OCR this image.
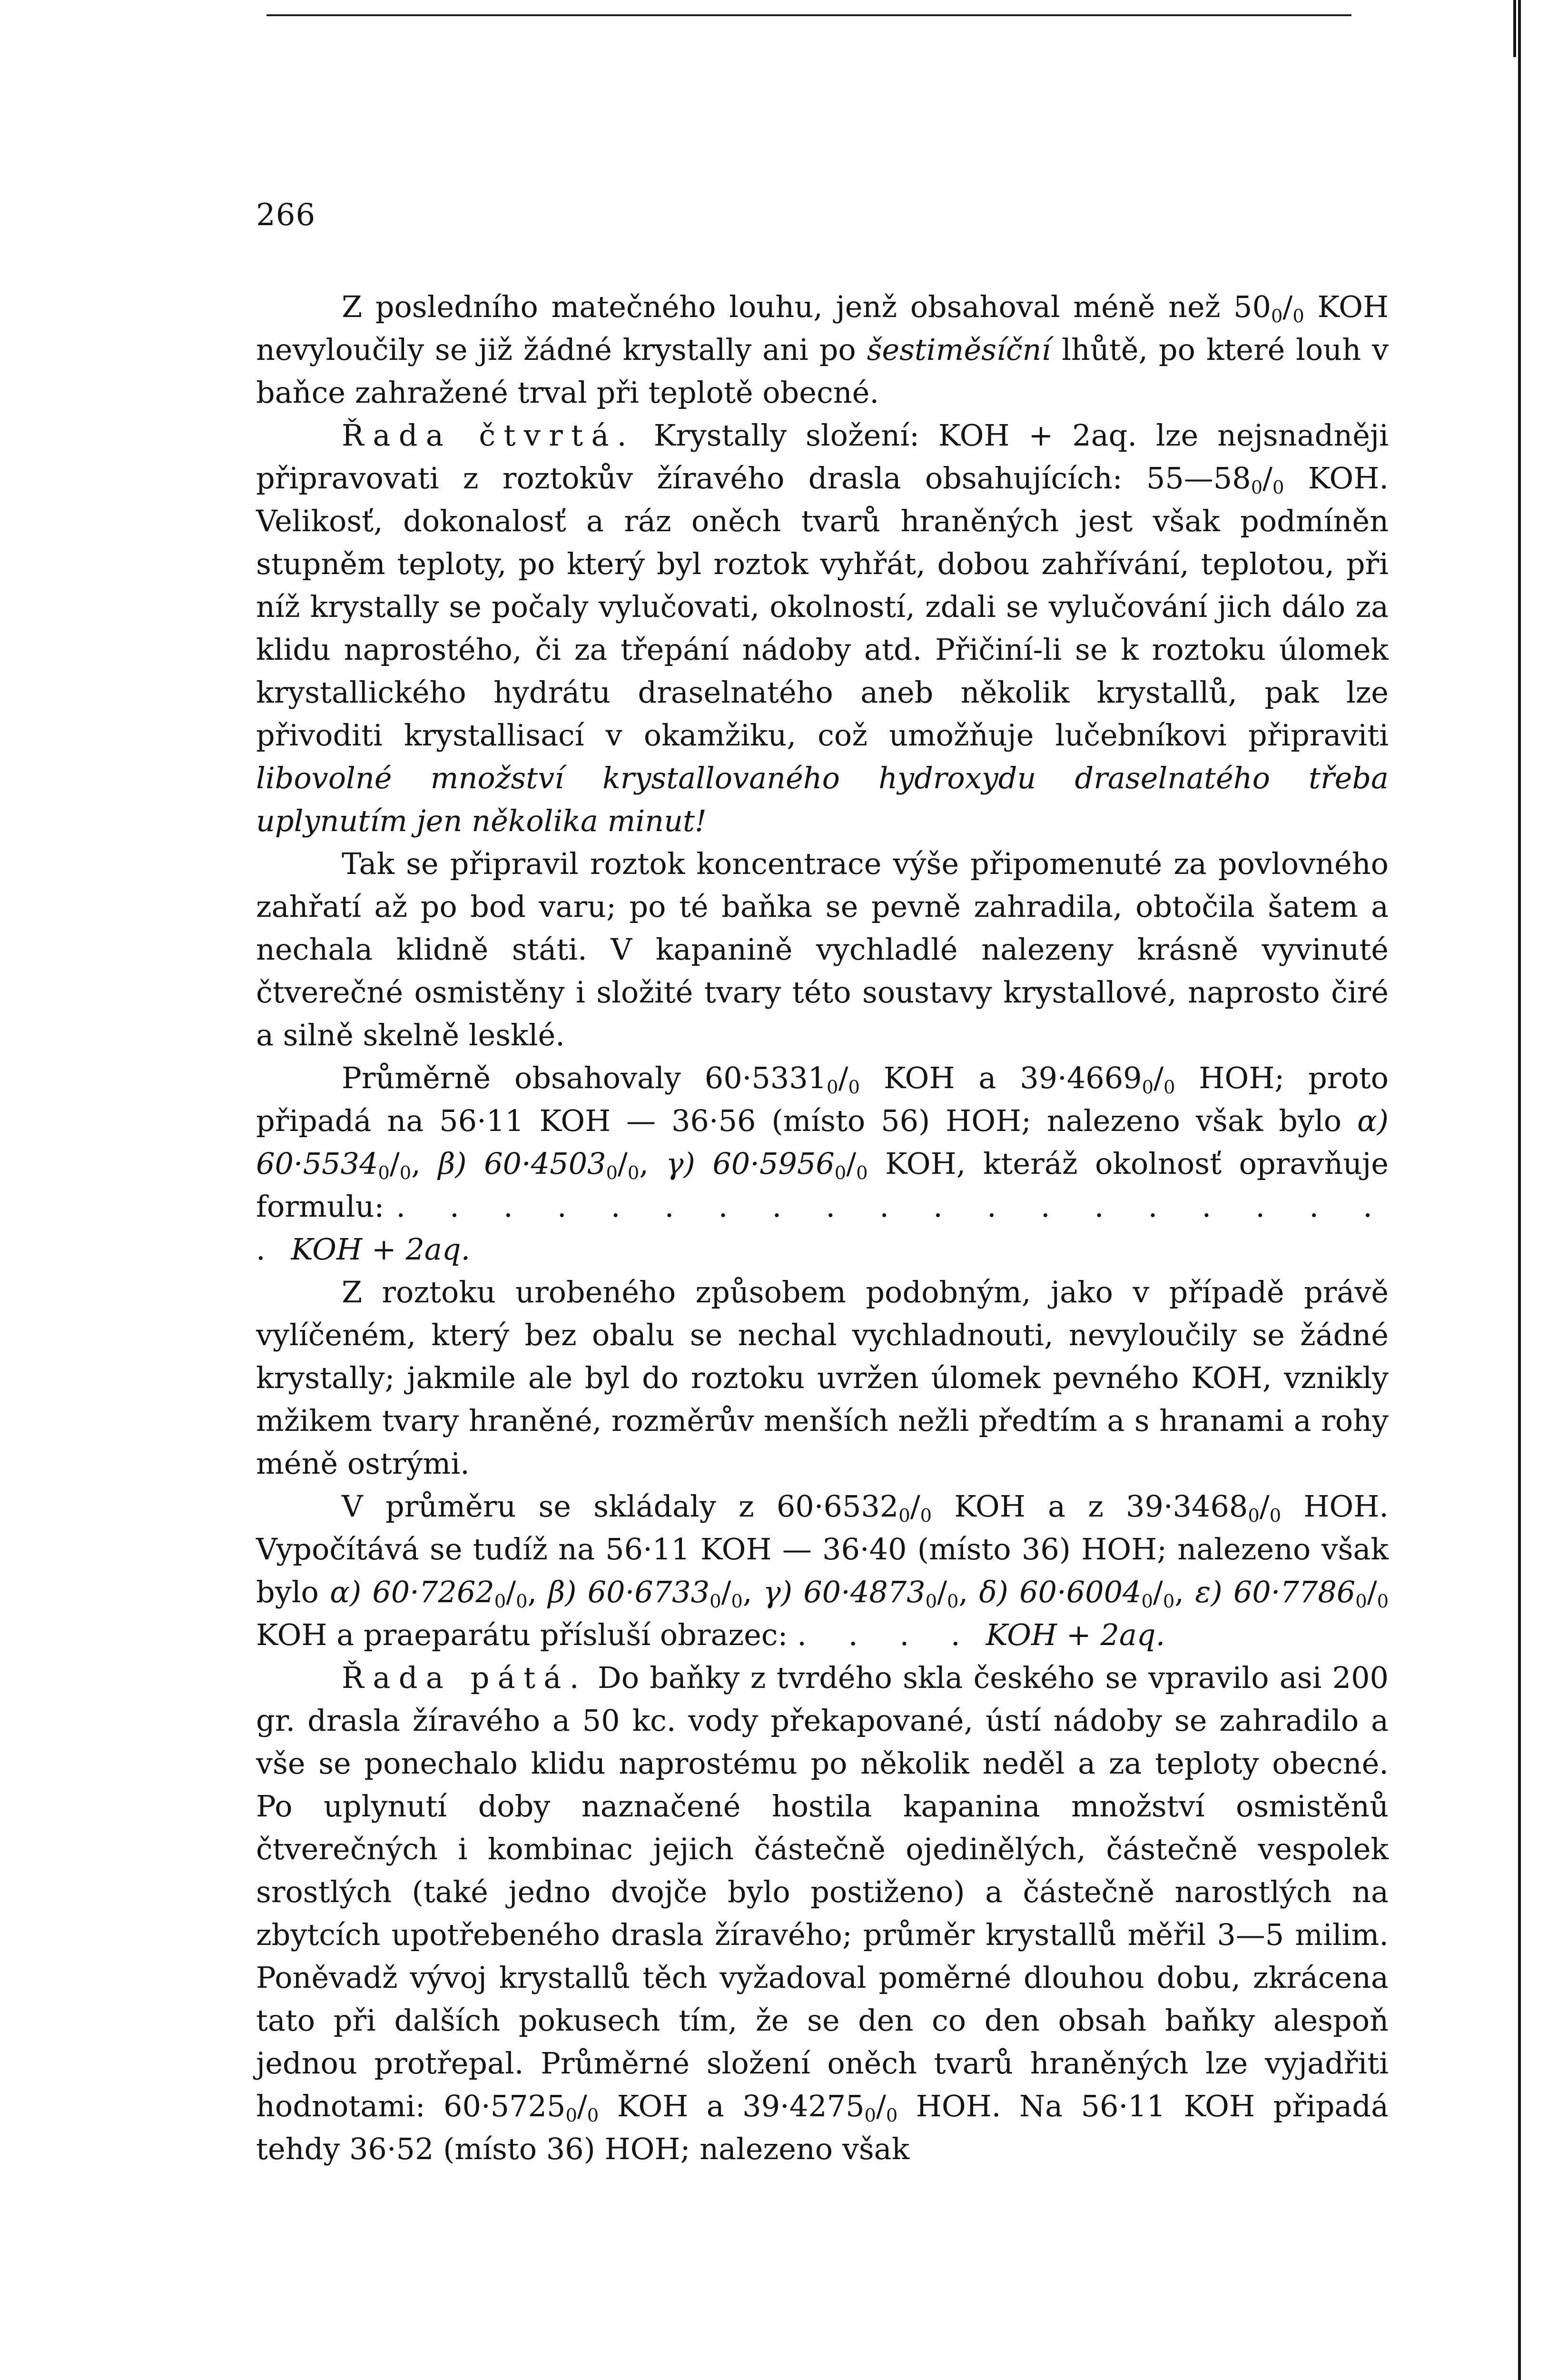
266

Z posledního matečného louhu, jenž obsahoval méně než $50_0/_0$ KOH nevyloučily se již žádné krystally ani po šestiměsíční lhůtě, po které louh v baňce zahražené trval při teplotě obecné.

Řada čtvrtá. Krystally složení: KOH + 2aq. lze nejsnadněji připravovati z roztokův žíravého drasla obsahujících: $55—58_0/_0$ KOH. Velikosť, dokonalosť a ráz oněch tvarů hraněných jest však podmíněn stupněm teploty, po který byl roztok vyhřát, dobou zahřívání, teplotou, při níž krystally se počaly vylučovati, okolností, zdali se vylučování jich dálo za klidu naprostého, či za třepání nádoby atd. Přičiní-li se k roztoku úlomek krystallického hydrátu draselnatého aneb několik krystallů, pak lze přivoditi krystallisací v okamžiku, což umožňuje lučebníkovi připraviti libovolné množství krystallovaného hydroxydu draselnatého třeba uplynutím jen několika minut!

Tak se připravil roztok koncentrace výše připomenuté za povlovného zahřatí až po bod varu; po té baňka se pevně zahradila, obtočila šatem a nechala klidně státi. V kapanině vychladlé nalezeny krásně vyvinuté čtverečné osmistěny i složité tvary této soustavy krystallové, naprosto čiré a silně skelně lesklé.

Průměrně obsahovaly $60\cdot 5331_0/_0$ KOH a $39\cdot 4669_0/_0$ HOH; proto připadá na 56·11 KOH — 36·56 (místo 56) HOH; nalezeno však bylo α) $60\cdot 5534_0/_0$, β) $60\cdot 4503_0/_0$, γ) $60\cdot 5956_0/_0$ KOH, kteráž okolnosť opravňuje formulu: . . . . . . . . . . . . . . . . . . . . KOH + 2aq.

Z roztoku urobeného způsobem podobným, jako v případě právě vylíčeném, který bez obalu se nechal vychladnouti, nevyloučily se žádné krystally; jakmile ale byl do roztoku uvržen úlomek pevného KOH, vznikly mžikem tvary hraněné, rozměrův menších nežli předtím a s hranami a rohy méně ostrými.

V průměru se skládaly z $60\cdot 6532_0/_0$ KOH a z $39\cdot 3468_0/_0$ HOH. Vypočítává se tudíž na 56·11 KOH — 36·40 (místo 36) HOH; nalezeno však bylo α) $60\cdot 7262_0/_0$, β) $60\cdot 6733_0/_0$, γ) $60\cdot 4873_0/_0$, δ) $60\cdot 6004_0/_0$, ε) $60\cdot 7786_0/_0$ KOH a praeparátu přísluší obrazec: . . . . KOH + 2aq.

Řada pátá. Do baňky z tvrdého skla českého se vpravilo asi 200 gr. drasla žíravého a 50 kc. vody překapované, ústí nádoby se zahradilo a vše se ponechalo klidu naprostému po několik neděl a za teploty obecné. Po uplynutí doby naznačené hostila kapanina množství osmistěnů čtverečných i kombinac jejich částečně ojedinělých, částečně vespolek srostlých (také jedno dvojče bylo postiženo) a částečně narostlých na zbytcích upotřebeného drasla žíravého; průměr krystallů měřil 3—5 milim. Poněvadž vývoj krystallů těch vyžadoval poměrné dlouhou dobu, zkrácena tato při dalších pokusech tím, že se den co den obsah baňky alespoň jednou protřepal. Průměrné složení oněch tvarů hraněných lze vyjadřiti hodnotami: $60\cdot 5725_0/_0$ KOH a $39\cdot 4275_0/_0$ HOH. Na 56·11 KOH připadá tehdy 36·52 (místo 36) HOH; nalezeno však
